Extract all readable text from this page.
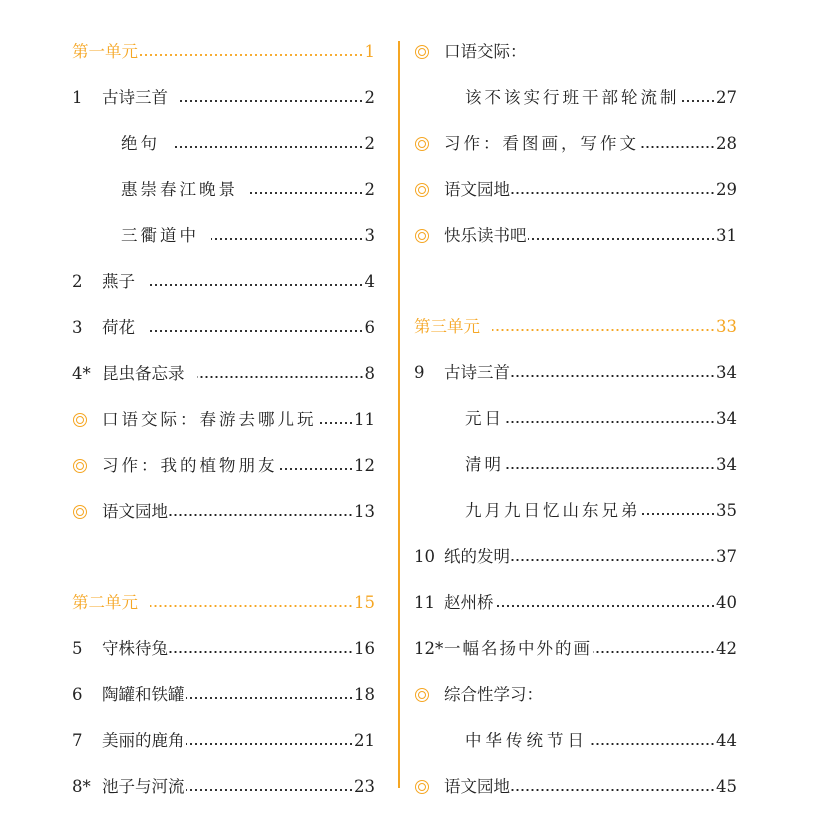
第一单元	1
1	古诗三首	2
绝句	2
惠崇春江晚景	2
三衢道中	3
2	燕子	4
3	荷花	6
4* 昆虫备忘录	8
口语交际：春游去哪儿玩 11
习作：我的植物朋友	12
语文园地	13
第二单元	15
5	守株待兔	16
6	陶罐和铁罐	18
7	美丽的鹿角	21
8* 池子与河流	23
口语交际：
该不该实行班干部轮流制 27
习作：看图画，写作文	28
语文园地	29
快乐读书吧	31
第三单元	33
9	古诗三首	34
元日	34
清明	34
九月九日忆山东兄弟	35
10 纸的发明	37
11 赵州桥	40
12* 一幅名扬中外的画	42
综合性学习：
中华传统节日	44
语文园地	45
